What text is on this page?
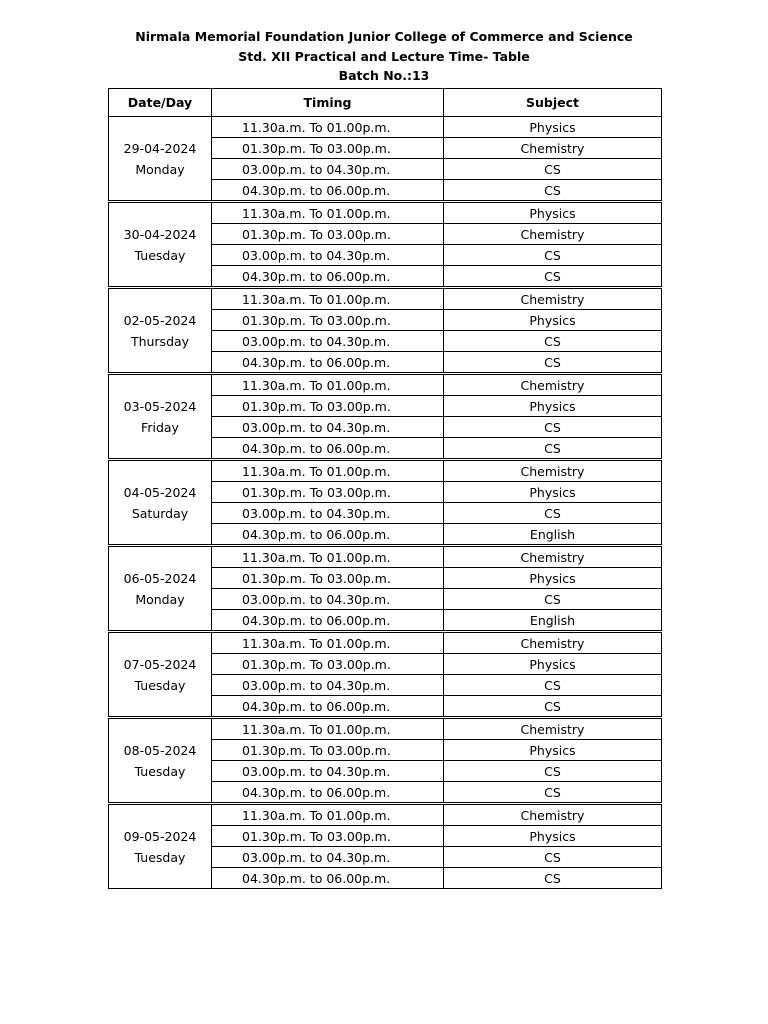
Nirmala Memorial Foundation Junior College of Commerce and Science
Std. XII Practical and Lecture Time- Table
Batch No.:13
Date/Day	Timing	Subject

29-04-2024
Monday	11.30a.m. To 01.00p.m.	Physics
	01.30p.m. To 03.00p.m.	Chemistry
	03.00p.m. to 04.30p.m.	CS
	04.30p.m. to 06.00p.m.	CS

30-04-2024
Tuesday	11.30a.m. To 01.00p.m.	Physics
	01.30p.m. To 03.00p.m.	Chemistry
	03.00p.m. to 04.30p.m.	CS
	04.30p.m. to 06.00p.m.	CS

02-05-2024
Thursday	11.30a.m. To 01.00p.m.	Chemistry
	01.30p.m. To 03.00p.m.	Physics
	03.00p.m. to 04.30p.m.	CS
	04.30p.m. to 06.00p.m.	CS

03-05-2024
Friday	11.30a.m. To 01.00p.m.	Chemistry
	01.30p.m. To 03.00p.m.	Physics
	03.00p.m. to 04.30p.m.	CS
	04.30p.m. to 06.00p.m.	CS

04-05-2024
Saturday	11.30a.m. To 01.00p.m.	Chemistry
	01.30p.m. To 03.00p.m.	Physics
	03.00p.m. to 04.30p.m.	CS
	04.30p.m. to 06.00p.m.	English

06-05-2024
Monday	11.30a.m. To 01.00p.m.	Chemistry
	01.30p.m. To 03.00p.m.	Physics
	03.00p.m. to 04.30p.m.	CS
	04.30p.m. to 06.00p.m.	English

07-05-2024
Tuesday	11.30a.m. To 01.00p.m.	Chemistry
	01.30p.m. To 03.00p.m.	Physics
	03.00p.m. to 04.30p.m.	CS
	04.30p.m. to 06.00p.m.	CS

08-05-2024
Tuesday	11.30a.m. To 01.00p.m.	Chemistry
	01.30p.m. To 03.00p.m.	Physics
	03.00p.m. to 04.30p.m.	CS
	04.30p.m. to 06.00p.m.	CS

09-05-2024
Tuesday	11.30a.m. To 01.00p.m.	Chemistry
	01.30p.m. To 03.00p.m.	Physics
	03.00p.m. to 04.30p.m.	CS
	04.30p.m. to 06.00p.m.	CS
